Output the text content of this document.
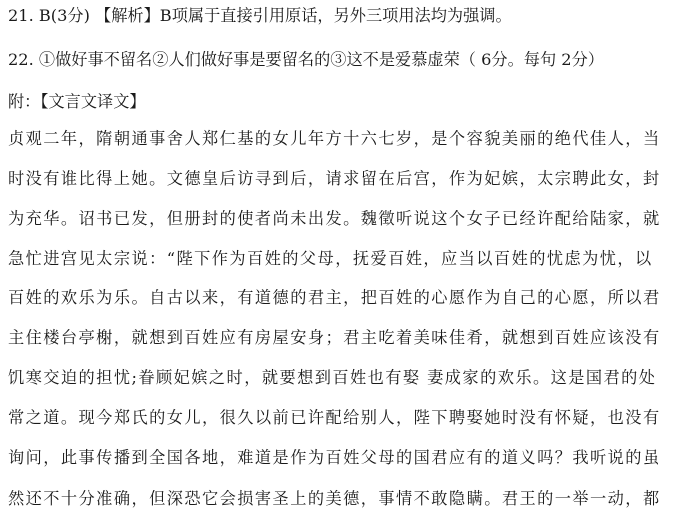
21. B(3分) 【解析】B项属于直接引用原话，另外三项用法均为强调。
22. ①做好事不留名②人们做好事是要留名的③这不是爱慕虚荣（ 6分。每句 2分）
附：【文言文译文】
贞观二年，隋朝通事舍人郑仁基的女儿年方十六七岁，是个容貌美丽的绝代佳人，当
时没有谁比得上她。文德皇后访寻到后，请求留在后宫，作为妃嫔，太宗聘此女，封
为充华。诏书已发，但册封的使者尚未出发。魏徵听说这个女子已经许配给陆家，就
急忙进宫见太宗说：“陛下作为百姓的父母，抚爱百姓，应当以百姓的忧虑为忧，以
百姓的欢乐为乐。自古以来，有道德的君主，把百姓的心愿作为自己的心愿，所以君
主住楼台亭榭，就想到百姓应有房屋安身；君主吃着美味佳肴，就想到百姓应该没有
饥寒交迫的担忧;眷顾妃嫔之时，就要想到百姓也有娶 妻成家的欢乐。这是国君的处
常之道。现今郑氏的女儿，很久以前已许配给别人，陛下聘娶她时没有怀疑，也没有
询问，此事传播到全国各地，难道是作为百姓父母的国君应有的道义吗？我听说的虽
然还不十分准确，但深恐它会损害圣上的美德，事情不敢隐瞒。君王的一举一动，都
